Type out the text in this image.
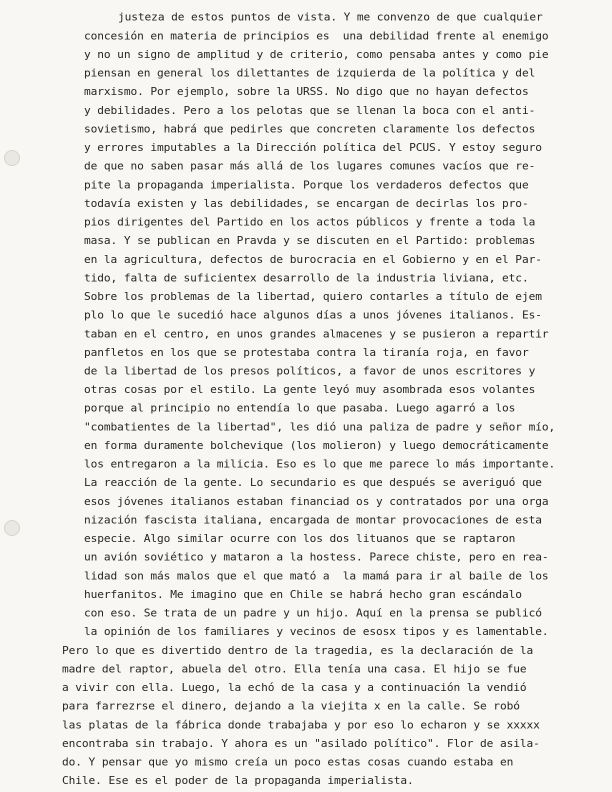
justeza de estos puntos de vista. Y me convenzo de que cualquier
concesión en materia de principios es  una debilidad frente al enemigo
y no un signo de amplitud y de criterio, como pensaba antes y como pie
piensan en general los dilettantes de izquierda de la política y del
marxismo. Por ejemplo, sobre la URSS. No digo que no hayan defectos
y debilidades. Pero a los pelotas que se llenan la boca con el anti-
sovietismo, habrá que pedirles que concreten claramente los defectos
y errores imputables a la Dirección política del PCUS. Y estoy seguro
de que no saben pasar más allá de los lugares comunes vacíos que re-
pite la propaganda imperialista. Porque los verdaderos defectos que
todavía existen y las debilidades, se encargan de decirlas los pro-
pios dirigentes del Partido en los actos públicos y frente a toda la
masa. Y se publican en Pravda y se discuten en el Partido: problemas
en la agricultura, defectos de burocracia en el Gobierno y en el Par-
tido, falta de suficientex desarrollo de la industria liviana, etc.
Sobre los problemas de la libertad, quiero contarles a título de ejem
plo lo que le sucedió hace algunos días a unos jóvenes italianos. Es-
taban en el centro, en unos grandes almacenes y se pusieron a repartir
panfletos en los que se protestaba contra la tiranía roja, en favor
de la libertad de los presos políticos, a favor de unos escritores y
otras cosas por el estilo. La gente leyó muy asombrada esos volantes
porque al principio no entendía lo que pasaba. Luego agarró a los
"combatientes de la libertad", les dió una paliza de padre y señor mío,
en forma duramente bolchevique (los molieron) y luego democráticamente
los entregaron a la milicia. Eso es lo que me parece lo más importante.
La reacción de la gente. Lo secundario es que después se averiguó que
esos jóvenes italianos estaban financiad os y contratados por una orga
nización fascista italiana, encargada de montar provocaciones de esta
especie. Algo similar ocurre con los dos lituanos que se raptaron
un avión soviético y mataron a la hostess. Parece chiste, pero en rea-
lidad son más malos que el que mató a  la mamá para ir al baile de los
huerfanitos. Me imagino que en Chile se habrá hecho gran escándalo
con eso. Se trata de un padre y un hijo. Aquí en la prensa se publicó
la opinión de los familiares y vecinos de esosx tipos y es lamentable.
Pero lo que es divertido dentro de la tragedia, es la declaración de la
madre del raptor, abuela del otro. Ella tenía una casa. El hijo se fue
a vivir con ella. Luego, la echó de la casa y a continuación la vendió
para farrezrse el dinero, dejando a la viejita x en la calle. Se robó
las platas de la fábrica donde trabajaba y por eso lo echaron y se xxxxx
encontraba sin trabajo. Y ahora es un "asilado político". Flor de asila-
do. Y pensar que yo mismo creía un poco estas cosas cuando estaba en
Chile. Ese es el poder de la propaganda imperialista.
